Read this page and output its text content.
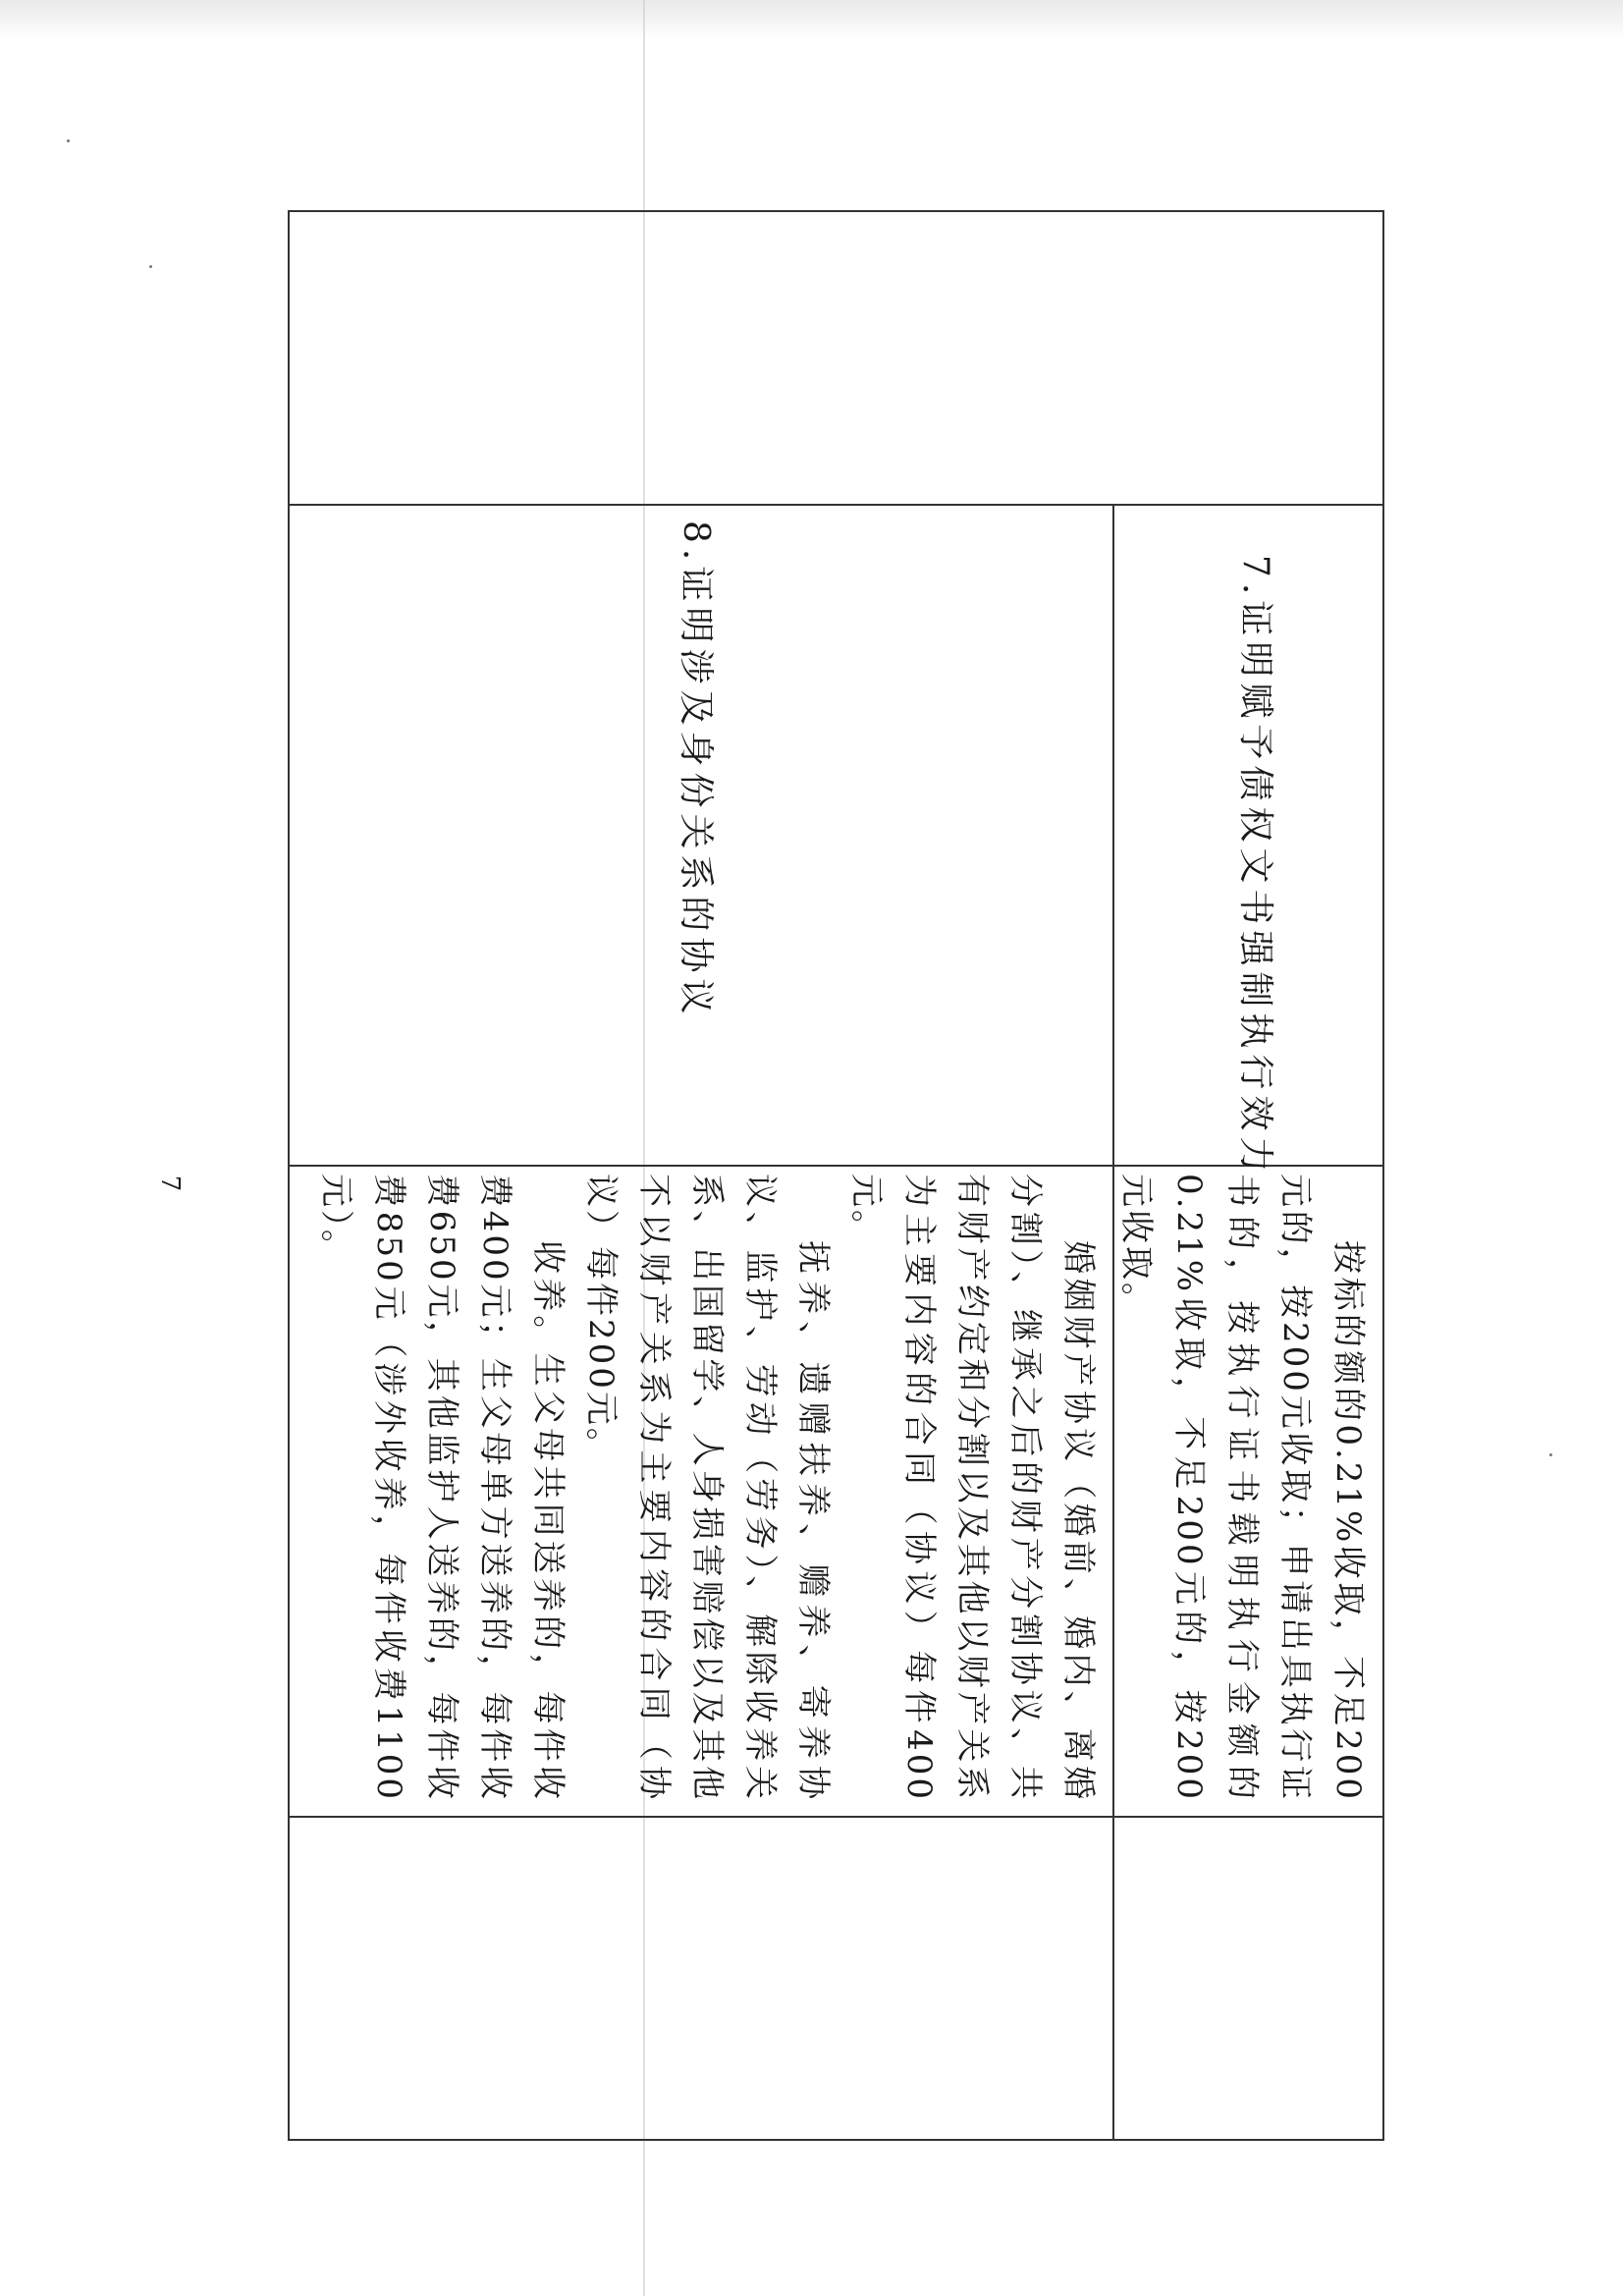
7
7.证明赋予债权文书强制执行效力
8.证明涉及身份关系的协议

按标的额的0.21%收取，不足200元的，按200元收取；申请出具执行证书的，按执行证书载明执行金额的0.21%收取，不足200元的，按200元收取。

婚姻财产协议（婚前、婚内、离婚分割）、继承之后的财产分割协议、共有财产约定和分割以及其他以财产关系为主要内容的合同（协议）每件400元。

抚养、遗赠扶养、赡养、寄养协议、监护、劳动（劳务）、解除收养关系、出国留学、人身损害赔偿以及其他不以财产关系为主要内容的合同（协议）每件200元。

收养。生父母共同送养的，每件收费400元；生父母单方送养的，每件收费650元，其他监护人送养的，每件收费850元（涉外收养，每件收费1100元）。
